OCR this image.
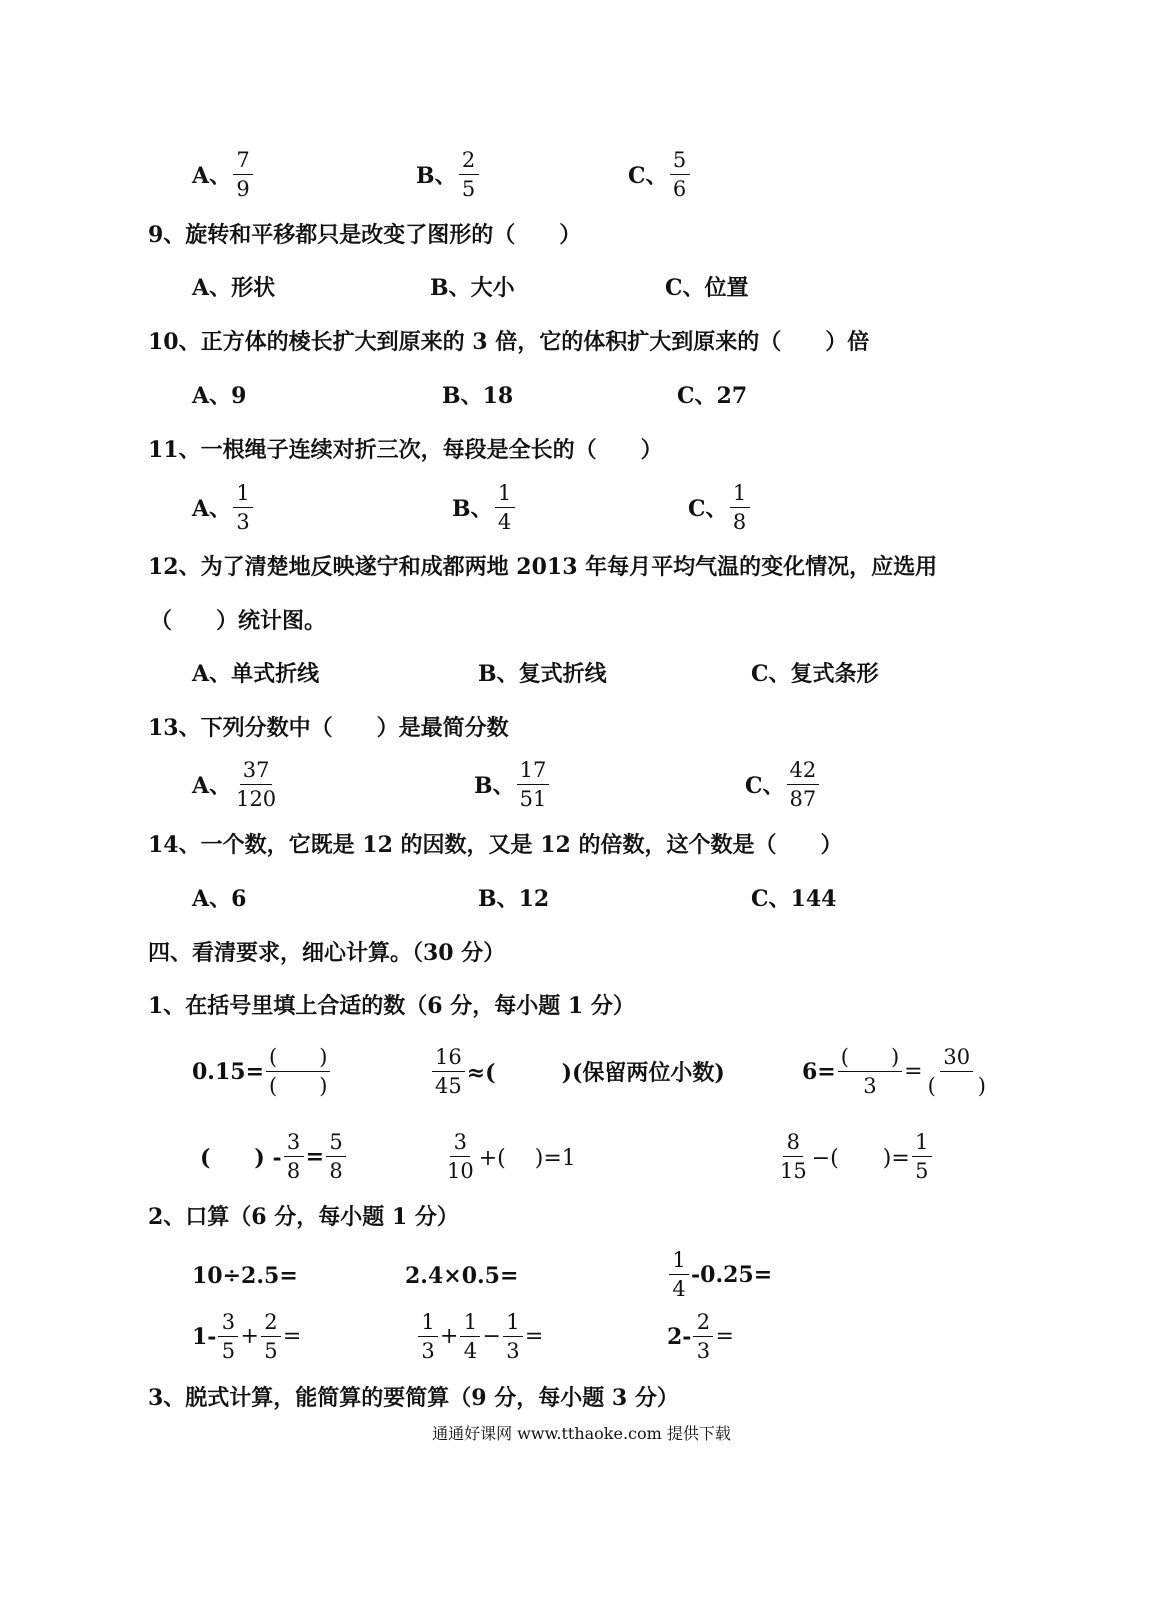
A、 $\frac{7}{9}$	B、 $\frac{2}{5}$	C、 $\frac{5}{6}$
9、旋转和平移都只是改变了图形的（　　）
A、形状	B、大小	C、位置
10、正方体的棱长扩大到原来的 3 倍，它的体积扩大到原来的（　　）倍
A、9	B、18	C、27
11、一根绳子连续对折三次，每段是全长的（　　）
A、 $\frac{1}{3}$	B、 $\frac{1}{4}$	C、 $\frac{1}{8}$
12、为了清楚地反映遂宁和成都两地 2013 年每月平均气温的变化情况，应选用
（　　）统计图。
A、单式折线	B、复式折线	C、复式条形
13、下列分数中（　　）是最简分数
A、 $\frac{37}{120}$	B、 $\frac{17}{51}$	C、 $\frac{42}{87}$
14、一个数，它既是 12 的因数，又是 12 的倍数，这个数是（　　）
A、6	B、12	C、144
四、看清要求，细心计算。（30 分）
1、在括号里填上合适的数（6 分，每小题 1 分）
$0.15= \frac{( )}{( )}$	$\frac{16}{45}$ ≈(　　　)(保留两位小数)	$6= \frac{( )}{3} = \frac{30}{( )}$
(　　) - $\frac{3}{8} = \frac{5}{8}$	$\frac{3}{10}$ +(　 )=1	$\frac{8}{15}$ −(　　)= $\frac{1}{5}$
2、口算（6 分，每小题 1 分）
10÷2.5=	2.4×0.5=	$\frac{1}{4} -0.25=$
$1- \frac{3}{5} + \frac{2}{5}$ =	$\frac{1}{3} + \frac{1}{4} - \frac{1}{3}$ =	$2- \frac{2}{3}$ =
3、脱式计算，能简算的要简算（9 分，每小题 3 分）
通通好课网 www.tthaoke.com 提供下载
